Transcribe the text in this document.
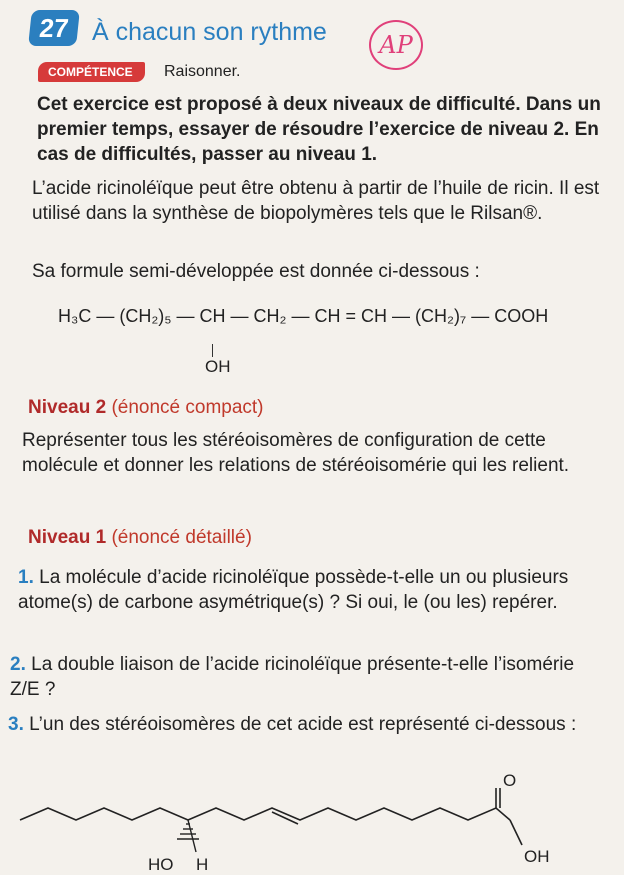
27 À chacun son rythme	AP
COMPÉTENCE	Raisonner.
Cet exercice est proposé à deux niveaux de difficulté. Dans un premier temps, essayer de résoudre l’exercice de niveau 2. En cas de difficultés, passer au niveau 1.
L’acide ricinoléïque peut être obtenu à partir de l’huile de ricin. Il est utilisé dans la synthèse de biopolymères tels que le Rilsan®.
Sa formule semi-développée est donnée ci-dessous :
H₃C — (CH₂)₅ — CH — CH₂ — CH = CH — (CH₂)₇ — COOH
OH
Niveau 2 (énoncé compact)
Représenter tous les stéréoisomères de configuration de cette molécule et donner les relations de stéréoisomérie qui les relient.
Niveau 1 (énoncé détaillé)
1. La molécule d’acide ricinoléïque possède-t-elle un ou plusieurs atome(s) de carbone asymétrique(s) ? Si oui, le (ou les) repérer.
2. La double liaison de l’acide ricinoléïque présente-t-elle l’isomérie Z/E ?
3. L’un des stéréoisomères de cet acide est représenté ci-dessous :
HO H
O
OH
